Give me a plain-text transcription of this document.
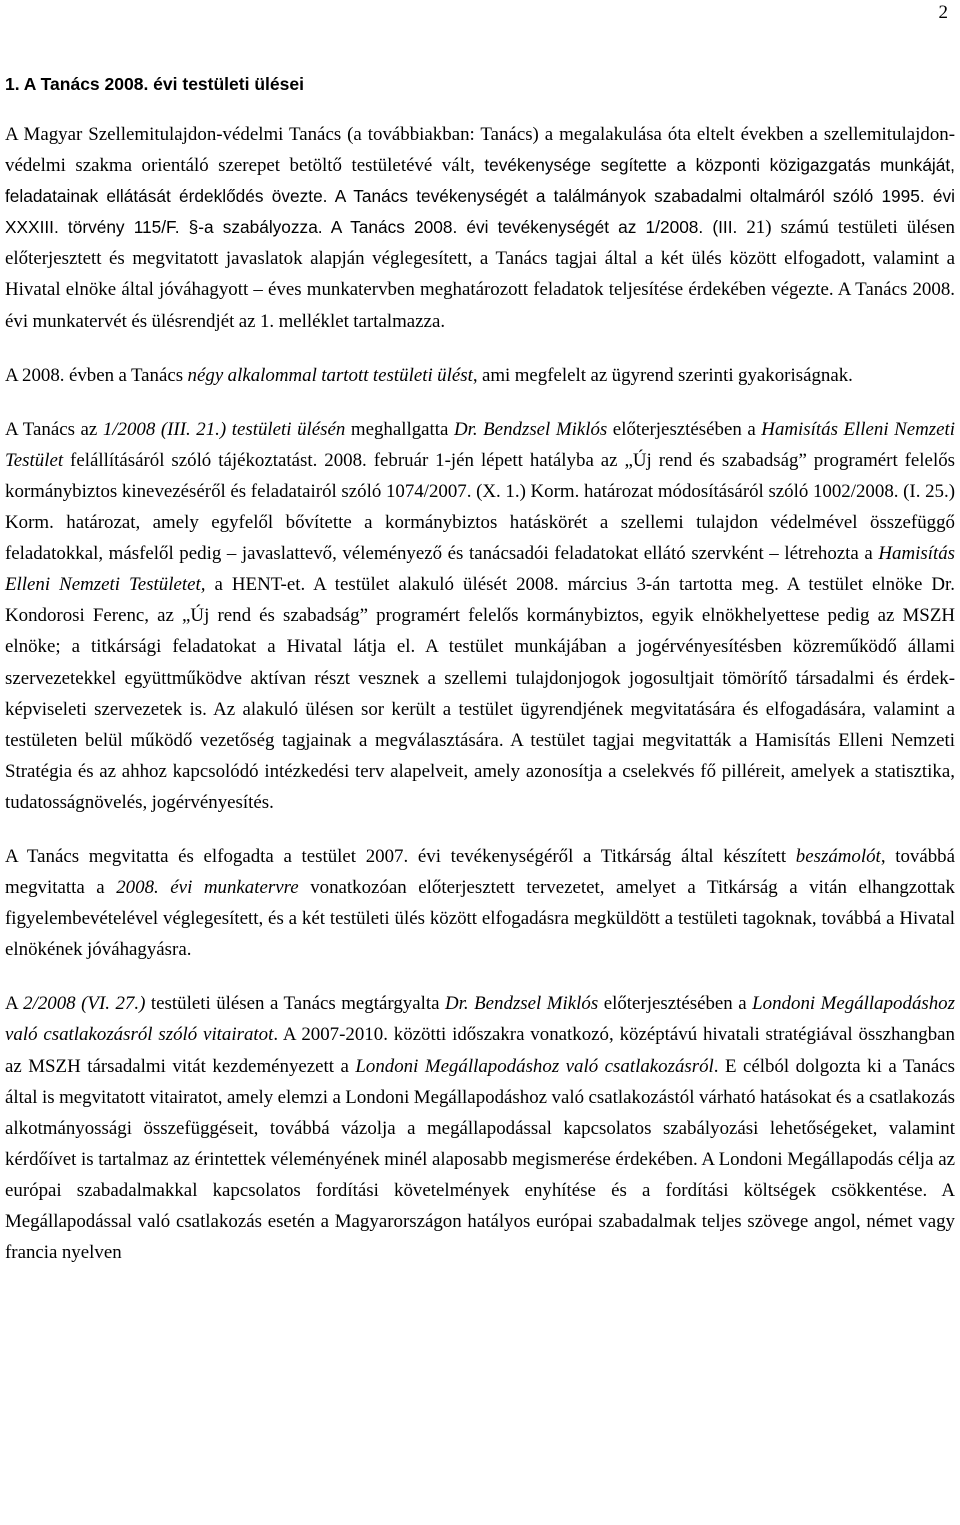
2
1. A Tanács 2008. évi testületi ülései

A Magyar Szellemitulajdon-védelmi Tanács (a továbbiakban: Tanács) a megalakulása óta eltelt években a szellemitulajdon-védelmi szakma orientáló szerepet betöltő testületévé vált, tevékenysége segítette a központi közigazgatás munkáját, feladatainak ellátását érdeklődés övezte. A Tanács tevékenységét a találmányok szabadalmi oltalmáról szóló 1995. évi XXXIII. törvény 115/F. §-a szabályozza. A Tanács 2008. évi tevékenységét az 1/2008. (III. 21) számú testületi ülésen előterjesztett és megvitatott javaslatok alapján véglegesített, a Tanács tagjai által a két ülés között elfogadott, valamint a Hivatal elnöke által jóváhagyott – éves munkatervben meghatározott feladatok teljesítése érdekében végezte. A Tanács 2008. évi munkatervét és ülésrendjét az 1. melléklet tartalmazza.

A 2008. évben a Tanács négy alkalommal tartott testületi ülést, ami megfelelt az ügyrend szerinti gyakoriságnak.

A Tanács az 1/2008 (III. 21.) testületi ülésén meghallgatta Dr. Bendzsel Miklós előterjesztésében a Hamisítás Elleni Nemzeti Testület felállításáról szóló tájékoztatást. 2008. február 1-jén lépett hatályba az „Új rend és szabadság” programért felelős kormánybiztos kinevezéséről és feladatairól szóló 1074/2007. (X. 1.) Korm. határozat módosításáról szóló 1002/2008. (I. 25.) Korm. határozat, amely egyfelől bővítette a kormánybiztos hatáskörét a szellemi tulajdon védelmével összefüggő feladatokkal, másfelől pedig – javaslattevő, véleményező és tanácsadói feladatokat ellátó szervként – létrehozta a Hamisítás Elleni Nemzeti Testületet, a HENT-et. A testület alakuló ülését 2008. március 3-án tartotta meg. A testület elnöke Dr. Kondorosi Ferenc, az „Új rend és szabadság” programért felelős kormánybiztos, egyik elnökhelyettese pedig az MSZH elnöke; a titkársági feladatokat a Hivatal látja el. A testület munkájában a jogérvényesítésben közreműködő állami szervezetekkel együttműködve aktívan részt vesznek a szellemi tulajdonjogok jogosultjait tömörítő társadalmi és érdek-képviseleti szervezetek is. Az alakuló ülésen sor került a testület ügyrendjének megvitatására és elfogadására, valamint a testületen belül működő vezetőség tagjainak a megválasztására. A testület tagjai megvitatták a Hamisítás Elleni Nemzeti Stratégia és az ahhoz kapcsolódó intézkedési terv alapelveit, amely azonosítja a cselekvés fő pilléreit, amelyek a statisztika, tudatosságnövelés, jogérvényesítés.

A Tanács megvitatta és elfogadta a testület 2007. évi tevékenységéről a Titkárság által készített beszámolót, továbbá megvitatta a 2008. évi munkatervre vonatkozóan előterjesztett tervezetet, amelyet a Titkárság a vitán elhangzottak figyelembevételével véglegesített, és a két testületi ülés között elfogadásra megküldött a testületi tagoknak, továbbá a Hivatal elnökének jóváhagyásra.

A 2/2008 (VI. 27.) testületi ülésen a Tanács megtárgyalta Dr. Bendzsel Miklós előterjesztésében a Londoni Megállapodáshoz való csatlakozásról szóló vitairatot. A 2007-2010. közötti időszakra vonatkozó, középtávú hivatali stratégiával összhangban az MSZH társadalmi vitát kezdeményezett a Londoni Megállapodáshoz való csatlakozásról. E célból dolgozta ki a Tanács által is megvitatott vitairatot, amely elemzi a Londoni Megállapodáshoz való csatlakozástól várható hatásokat és a csatlakozás alkotmányossági összefüggéseit, továbbá vázolja a megállapodással kapcsolatos szabályozási lehetőségeket, valamint kérdőívet is tartalmaz az érintettek véleményének minél alaposabb megismerése érdekében. A Londoni Megállapodás célja az európai szabadalmakkal kapcsolatos fordítási követelmények enyhítése és a fordítási költségek csökkentése. A Megállapodással való csatlakozás esetén a Magyarországon hatályos európai szabadalmak teljes szövege angol, német vagy francia nyelven
